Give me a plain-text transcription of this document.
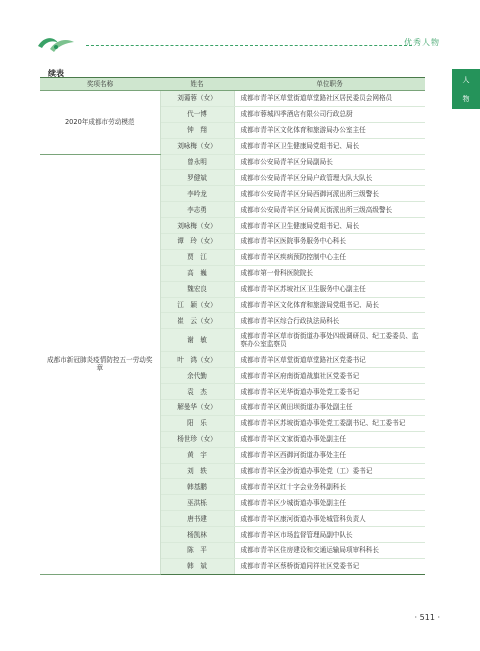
优秀人物
人
物
续表
奖项名称	姓名	单位职务
2020年成都市劳动模范	刘蔼蓉（女）	成都市青羊区草堂街道草堂路社区居民委员会网格员
	代一博	成都市蓉城四季酒店有限公司行政总厨
	钟　翔	成都市青羊区文化体育和旅游局办公室主任
	刘咏梅（女）	成都市青羊区卫生健康局党组书记、局长
成都市新冠肺炎疫情防控五一劳动奖章	曾永明	成都市公安局青羊区分局副局长
	罗健斌	成都市公安局青羊区分局户政管理大队大队长
	李吟龙	成都市公安局青羊区分局西御河派出所三级警长
	李志勇	成都市公安局青羊区分局黄瓦街派出所三级高级警长
	刘咏梅（女）	成都市青羊区卫生健康局党组书记、局长
	谭　玲（女）	成都市青羊区医院事务服务中心科长
	贾　江	成都市青羊区疾病预防控制中心主任
	高　巍	成都市第一骨科医院院长
	魏宏良	成都市青羊区苏坡社区卫生服务中心副主任
	江　颖（女）	成都市青羊区文化体育和旅游局党组书记、局长
	崔　云（女）	成都市青羊区综合行政执法局科长
	谢　敏	成都市青羊区草市街街道办事处四级调研员、纪工委委员、监察办公室监察员
	叶　鸿（女）	成都市青羊区草堂街道草堂路社区党委书记
	余代勤	成都市青羊区府南街道战旗社区党委书记
	袁　杰	成都市青羊区光华街道办事处党工委书记
	解曼华（女）	成都市青羊区黄田坝街道办事处副主任
	阳　乐	成都市青羊区苏坡街道办事处党工委副书记、纪工委书记
	杨世珍（女）	成都市青羊区文家街道办事处副主任
	黄　宇	成都市青羊区西御河街道办事处主任
	刘　轶	成都市青羊区金沙街道办事处党（工）委书记
	韩基鹏	成都市青羊区红十字会业务科副科长
	巫洪栎	成都市青羊区少城街道办事处副主任
	唐书建	成都市青羊区康河街道办事处城管科负责人
	杨凯林	成都市青羊区市场监督管理局副中队长
	陈　平	成都市青羊区住房建设和交通运输局项审科科长
	韩　斌	成都市青羊区蔡桥街道同祥社区党委书记
· 511 ·
